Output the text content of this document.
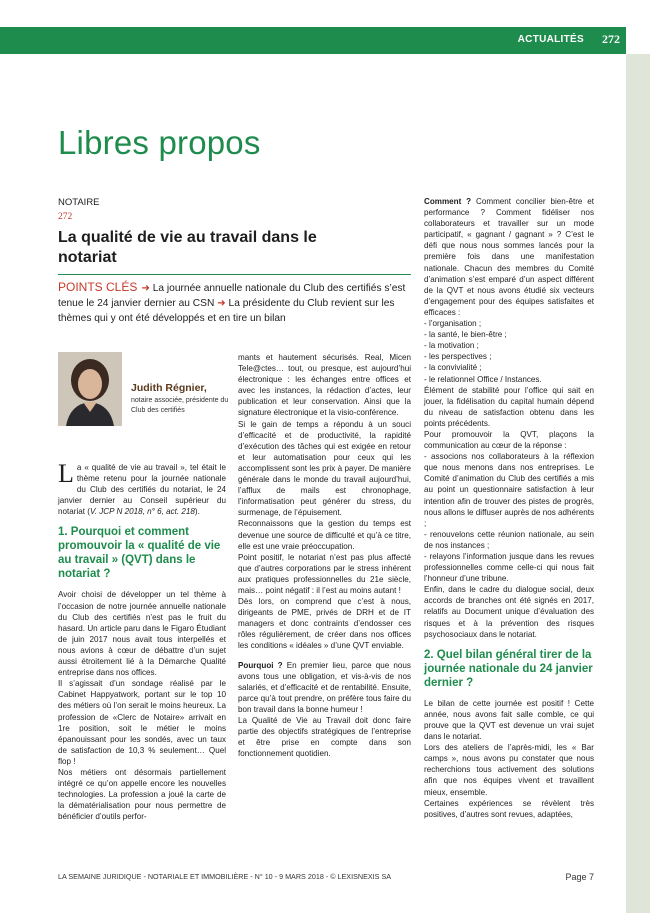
ACTUALITÉS 272
Libres propos
NOTAIRE
272
La qualité de vie au travail dans le notariat
POINTS CLÉS ➜ La journée annuelle nationale du Club des certifiés s’est tenue le 24 janvier dernier au CSN ➜ La présidente du Club revient sur les thèmes qui y ont été développés et en tire un bilan
Judith Régnier,
notaire associée, présidente du Club des certifiés

La « qualité de vie au travail », tel était le thème retenu pour la journée nationale du Club des certifiés du notariat, le 24 janvier dernier au Conseil supérieur du notariat (V. JCP N 2018, n° 6, act. 218).

1. Pourquoi et comment promouvoir la « qualité de vie au travail » (QVT) dans le notariat ?

Avoir choisi de développer un tel thème à l’occasion de notre journée annuelle nationale du Club des certifiés n’est pas le fruit du hasard. Un article paru dans le Figaro Étudiant de juin 2017 nous avait tous interpellés et nous avions à cœur de débattre d’un sujet aussi étroitement lié à la Démarche Qualité entreprise dans nos offices.

Il s’agissait d’un sondage réalisé par le Cabinet Happyatwork, portant sur le top 10 des métiers où l’on serait le moins heureux. La profession de «Clerc de Notaire» arrivait en 1re position, soit le métier le moins épanouissant pour les sondés, avec un taux de satisfaction de 10,3 % seulement… Quel flop !

Nos métiers ont désormais partiellement intégré ce qu’on appelle encore les nouvelles technologies. La profession a joué la carte de la dématérialisation pour nous permettre de bénéficier d’outils perfor-

mants et hautement sécurisés. Real, Micen Tele@ctes… tout, ou presque, est aujourd’hui électronique : les échanges entre offices et avec les instances, la rédaction d’actes, leur publication et leur conservation. Ainsi que la signature électronique et la visio-conférence.

Si le gain de temps a répondu à un souci d’efficacité et de productivité, la rapidité d’exécution des tâches qui est exigée en retour et leur automatisation pour ceux qui les accomplissent sont les prix à payer. De manière générale dans le monde du travail aujourd’hui, l’afflux de mails est chronophage, l’informatisation peut générer du stress, du surmenage, de l’épuisement.

Reconnaissons que la gestion du temps est devenue une source de difficulté et qu’à ce titre, elle est une vraie préoccupation.

Point positif, le notariat n’est pas plus affecté que d’autres corporations par le stress inhérent aux pratiques professionnelles du 21e siècle, mais… point négatif : il l’est au moins autant !

Dès lors, on comprend que c’est à nous, dirigeants de PME, privés de DRH et de IT managers et donc contraints d’endosser ces rôles régulièrement, de créer dans nos offices les conditions « idéales » d’une QVT enviable.

Pourquoi ? En premier lieu, parce que nous avons tous une obligation, et vis-à-vis de nos salariés, et d’efficacité et de rentabilité. Ensuite, parce qu’à tout prendre, on préfère tous faire du bon travail dans la bonne humeur !

La Qualité de Vie au Travail doit donc faire partie des objectifs stratégiques de l’entreprise et être prise en compte dans son fonctionnement quotidien.

Comment ? Comment concilier bien-être et performance ? Comment fidéliser nos collaborateurs et travailler sur un mode participatif, « gagnant / gagnant » ? C’est le défi que nous nous sommes lancés pour la première fois dans une manifestation nationale. Chacun des membres du Comité d’animation s’est emparé d’un aspect différent de la QVT et nous avons étudié six vecteurs d’engagement pour des équipes satisfaites et efficaces :

- l’organisation ;

- la santé, le bien-être ;

- la motivation ;

- les perspectives ;

- la convivialité ;

- le relationnel Office / Instances.

Élément de stabilité pour l’office qui sait en jouer, la fidélisation du capital humain dépend du niveau de satisfaction obtenu dans les points précédents.

Pour promouvoir la QVT, plaçons la communication au cœur de la réponse :

- associons nos collaborateurs à la réflexion que nous menons dans nos entreprises. Le Comité d’animation du Club des certifiés a mis au point un questionnaire satisfaction à leur intention afin de trouver des pistes de progrès, nous allons le diffuser auprès de nos adhérents ;

- renouvelons cette réunion nationale, au sein de nos instances ;

- relayons l’information jusque dans les revues professionnelles comme celle-ci qui nous fait l’honneur d’une tribune.

Enfin, dans le cadre du dialogue social, deux accords de branches ont été signés en 2017, relatifs au Document unique d’évaluation des risques et à la prévention des risques psychosociaux dans le notariat.

2. Quel bilan général tirer de la journée nationale du 24 janvier dernier ?

Le bilan de cette journée est positif ! Cette année, nous avons fait salle comble, ce qui prouve que la QVT est devenue un vrai sujet dans le notariat.

Lors des ateliers de l’après-midi, les « Bar camps », nous avons pu constater que nous recherchions tous activement des solutions afin que nos équipes vivent et travaillent mieux, ensemble.

Certaines expériences se révèlent très positives, d’autres sont revues, adaptées,

LA SEMAINE JURIDIQUE - NOTARIALE ET IMMOBILIÈRE - N° 10 - 9 MARS 2018 - © LEXISNEXIS SA	Page 7
